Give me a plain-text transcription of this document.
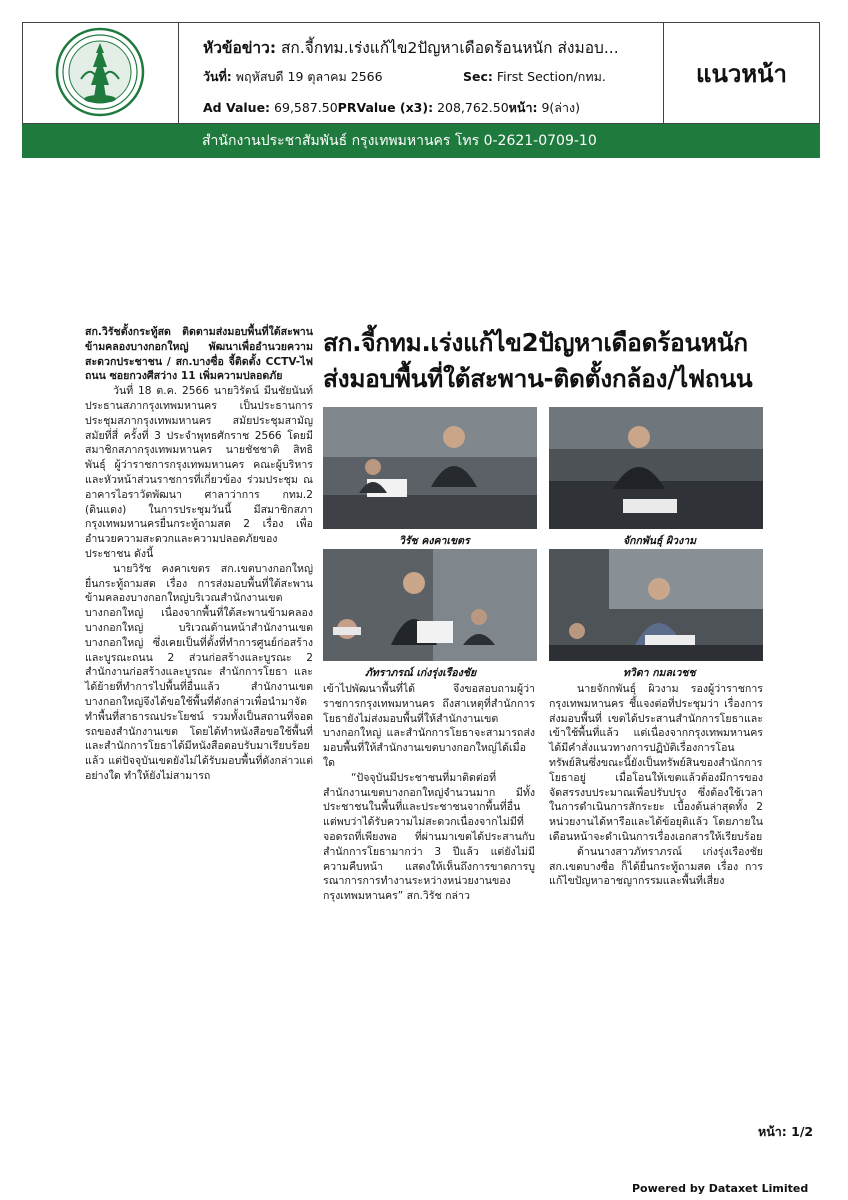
หัวข้อข่าว: สก.จี้กทม.เร่งแก้ไข2ปัญหาเดือดร้อนหนัก ส่งมอบ...
วันที่: พฤหัสบดี 19 ตุลาคม 2566	Sec: First Section/กทม.
Ad Value: 69,587.50PRValue (x3): 208,762.50หน้า: 9(ล่าง)
แนวหน้า
สำนักงานประชาสัมพันธ์ กรุงเทพมหานคร โทร 0-2621-0709-10

สก.วิรัชตั้งกระทู้สด ติดตามส่งมอบพื้นที่ใต้สะพานข้ามคลองบางกอกใหญ่ พัฒนาเพื่ออำนวยความสะดวกประชาชน / สก.บางซื่อ จี้ติดตั้ง CCTV-ไฟถนน ซอยกวงศีสว่าง 11 เพิ่มความปลอดภัย

วันที่ 18 ต.ค. 2566 นายวิรัตน์ มีนชัยนันท์ ประธานสภากรุงเทพมหานคร เป็นประธานการประชุมสภากรุงเทพมหานคร สมัยประชุมสามัญ สมัยที่สี่ ครั้งที่ 3 ประจำพุทธศักราช 2566 โดยมี สมาชิกสภากรุงเทพมหานคร นายชัชชาติ สิทธิพันธุ์ ผู้ว่าราชการกรุงเทพมหานคร คณะผู้บริหาร และหัวหน้าส่วนราชการที่เกี่ยวข้อง ร่วมประชุม ณ อาคารไอราวัตพัฒนา ศาลาว่าการ กทม.2 (ดินแดง) ในการประชุมวันนี้ มีสมาชิกสภากรุงเทพมหานครยื่นกระทู้ถามสด 2 เรื่อง เพื่ออำนวยความสะดวกและความปลอดภัยของประชาชน ดังนี้

นายวิรัช คงคาเขตร สก.เขตบางกอกใหญ่ ยื่นกระทู้ถามสด เรื่อง การส่งมอบพื้นที่ใต้สะพานข้ามคลองบางกอกใหญ่บริเวณสำนักงานเขตบางกอกใหญ่ เนื่องจากพื้นที่ใต้สะพานข้ามคลองบางกอกใหญ่ บริเวณด้านหน้าสำนักงานเขตบางกอกใหญ่ ซึ่งเคยเป็นที่ตั้งที่ทำการศูนย์ก่อสร้างและบูรณะถนน 2 ส่วนก่อสร้างและบูรณะ 2 สำนักงานก่อสร้างและบูรณะ สำนักการโยธา และได้ย้ายที่ทำการไปพื้นที่อื่นแล้ว สำนักงานเขตบางกอกใหญ่จึงได้ขอใช้พื้นที่ดังกล่าวเพื่อนำมาจัดทำพื้นที่สาธารณประโยชน์ รวมทั้งเป็นสถานที่จอดรถของสำนักงานเขต โดยได้ทำหนังสือขอใช้พื้นที่และสำนักการโยธาได้มีหนังสือตอบรับมาเรียบร้อยแล้ว แต่ปัจจุบันเขตยังไม่ได้รับมอบพื้นที่ดังกล่าวแต่อย่างใด ทำให้ยังไม่สามารถ

สก.จี้กทม.เร่งแก้ไข2ปัญหาเดือดร้อนหนัก
ส่งมอบพื้นที่ใต้สะพาน-ติดตั้งกล้อง/ไฟถนน
วิรัช คงคาเขตร	จักกพันธุ์ ผิวงาม
ภัทราภรณ์ เก่งรุ่งเรืองชัย	ทวิดา กมลเวชช

เข้าไปพัฒนาพื้นที่ได้ จึงขอสอบถามผู้ว่าราชการกรุงเทพมหานคร ถึงสาเหตุที่สำนักการโยธายังไม่ส่งมอบพื้นที่ให้สำนักงานเขตบางกอกใหญ่ และสำนักการโยธาจะสามารถส่งมอบพื้นที่ให้สำนักงานเขตบางกอกใหญ่ได้เมื่อใด

“ปัจจุบันมีประชาชนที่มาติดต่อที่สำนักงานเขตบางกอกใหญ่จำนวนมาก มีทั้งประชาชนในพื้นที่และประชาชนจากพื้นที่อื่น แต่พบว่าได้รับความไม่สะดวกเนื่องจากไม่มีที่จอดรถที่เพียงพอ ที่ผ่านมาเขตได้ประสานกับสำนักการโยธามากว่า 3 ปีแล้ว แต่ยังไม่มีความคืบหน้า แสดงให้เห็นถึงการขาดการบูรณาการการทำงานระหว่างหน่วยงานของกรุงเทพมหานคร” สก.วิรัช กล่าว

นายจักกพันธุ์ ผิวงาม รองผู้ว่าราชการกรุงเทพมหานคร ชี้แจงต่อที่ประชุมว่า เรื่องการส่งมอบพื้นที่ เขตได้ประสานสำนักการโยธาและเข้าใช้พื้นที่แล้ว แต่เนื่องจากกรุงเทพมหานครได้มีคำสั่งแนวทางการปฏิบัติเรื่องการโอนทรัพย์สินซึ่งขณะนี้ยังเป็นทรัพย์สินของสำนักการโยธาอยู่ เมื่อโอนให้เขตแล้วต้องมีการของจัดสรรงบประมาณเพื่อปรับปรุง ซึ่งต้องใช้เวลาในการดำเนินการสักระยะ เบื้องต้นล่าสุดทั้ง 2 หน่วยงานได้หารือและได้ข้อยุติแล้ว โดยภายในเดือนหน้าจะดำเนินการเรื่องเอกสารให้เรียบร้อย

ด้านนางสาวภัทราภรณ์ เก่งรุ่งเรืองชัย สก.เขตบางซื่อ ก็ได้ยื่นกระทู้ถามสด เรื่อง การแก้ไขปัญหาอาชญากรรมและพื้นที่เสี่ยง

หน้า: 1/2
Powered by Dataxet Limited
